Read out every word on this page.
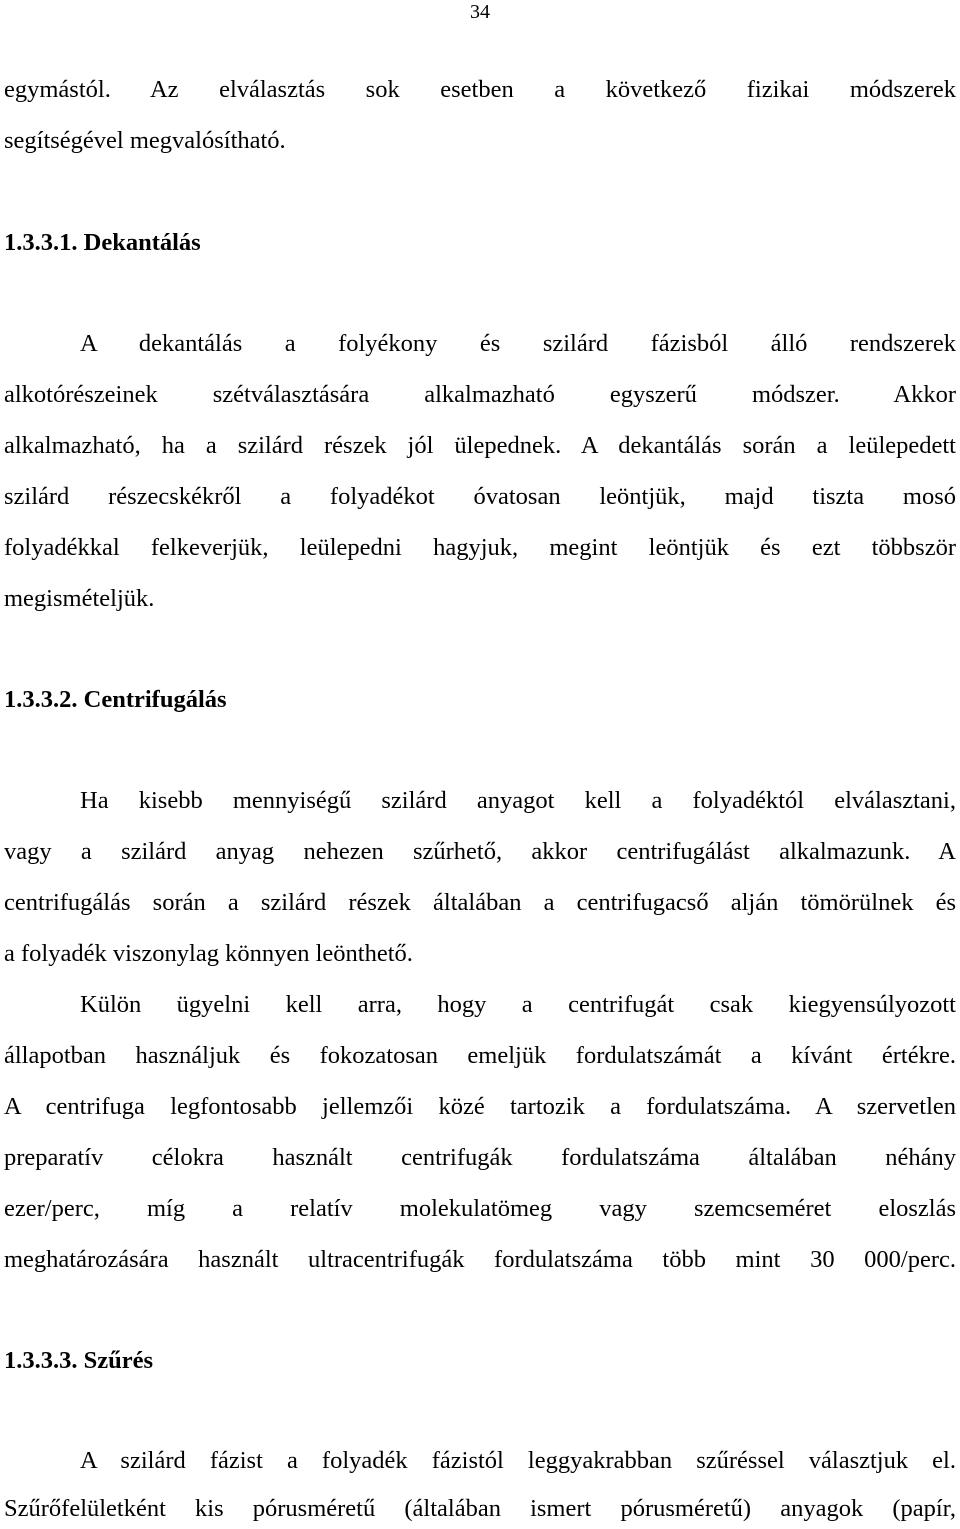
34
egymástól. Az elválasztás sok esetben a következő fizikai módszerek
segítségével megvalósítható.
1.3.3.1. Dekantálás
A dekantálás a folyékony és szilárd fázisból álló rendszerek
alkotórészeinek szétválasztására alkalmazható egyszerű módszer. Akkor
alkalmazható, ha a szilárd részek jól ülepednek. A dekantálás során a leülepedett
szilárd részecskékről a folyadékot óvatosan leöntjük, majd tiszta mosó
folyadékkal felkeverjük, leülepedni hagyjuk, megint leöntjük és ezt többször
megismételjük.
1.3.3.2. Centrifugálás
Ha kisebb mennyiségű szilárd anyagot kell a folyadéktól elválasztani,
vagy a szilárd anyag nehezen szűrhető, akkor centrifugálást alkalmazunk. A
centrifugálás során a szilárd részek általában a centrifugacső alján tömörülnek és
a folyadék viszonylag könnyen leönthető.
Külön ügyelni kell arra, hogy a centrifugát csak kiegyensúlyozott
állapotban használjuk és fokozatosan emeljük fordulatszámát a kívánt értékre.
A centrifuga legfontosabb jellemzői közé tartozik a fordulatszáma. A szervetlen
preparatív célokra használt centrifugák fordulatszáma általában néhány
ezer/perc, míg a relatív molekulatömeg vagy szemcseméret eloszlás
meghatározására használt ultracentrifugák fordulatszáma több mint 30 000/perc.
1.3.3.3. Szűrés
A szilárd fázist a folyadék fázistól leggyakrabban szűréssel választjuk el.
Szűrőfelületként kis pórusméretű (általában ismert pórusméretű) anyagok (papír,
